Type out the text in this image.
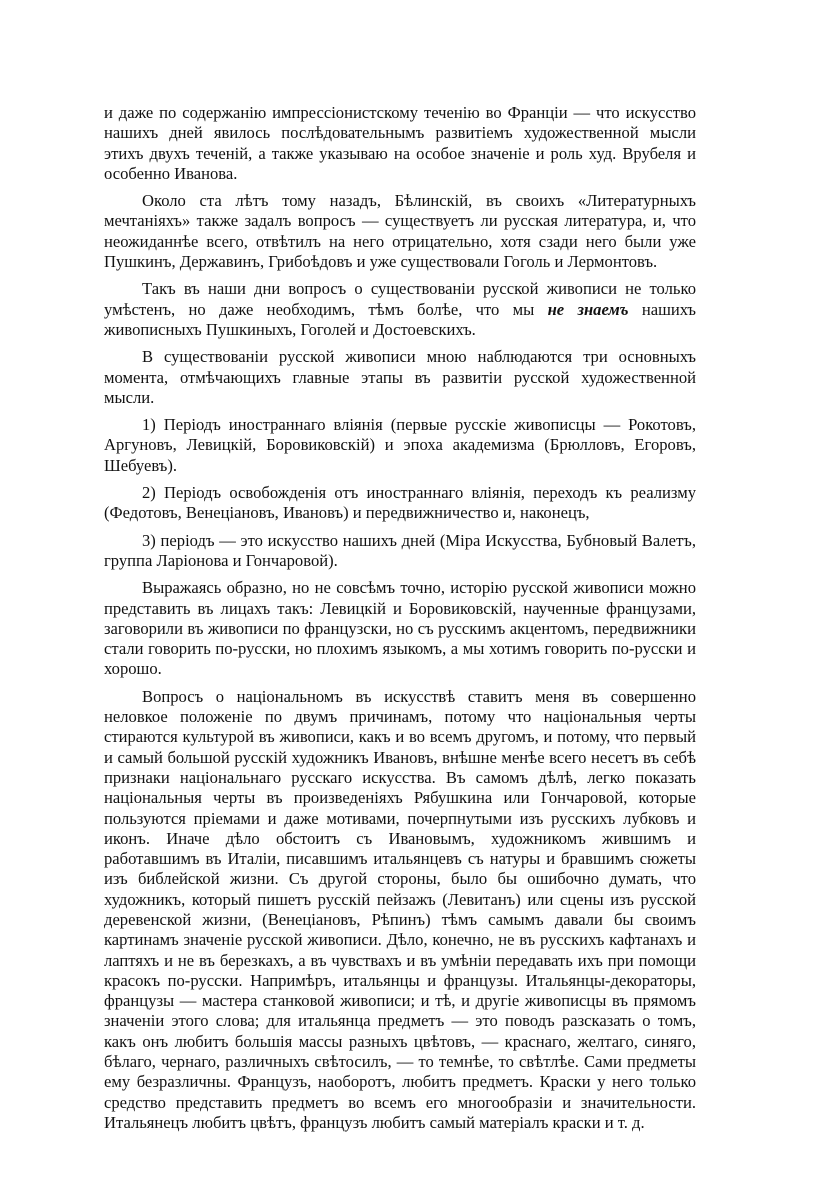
и даже по содержанію импрессіонистскому теченію во Франціи — что искусство нашихъ дней явилось послѣдовательнымъ развитіемъ художественной мысли этихъ двухъ теченій, а также указываю на особое значеніе и роль худ. Врубеля и особенно Иванова.

Около ста лѣтъ тому назадъ, Бѣлинскій, въ своихъ «Литературныхъ мечтаніяхъ» также задалъ вопросъ — существуетъ ли русская литература, и, что неожиданнѣе всего, отвѣтилъ на него отрицательно, хотя сзади него были уже Пушкинъ, Державинъ, Грибоѣдовъ и уже существовали Гоголь и Лермонтовъ.

Такъ въ наши дни вопросъ о существованіи русской живописи не только умѣстенъ, но даже необходимъ, тѣмъ болѣе, что мы не знаемъ нашихъ живописныхъ Пушкиныхъ, Гоголей и Достоевскихъ.

В существованіи русской живописи мною наблюдаются три основныхъ момента, отмѣчающихъ главные этапы въ развитіи русской художественной мысли.

1) Періодъ иностраннаго вліянія (первые русскіе живописцы — Рокотовъ, Аргуновъ, Левицкій, Боровиковскій) и эпоха академизма (Брюлловъ, Егоровъ, Шебуевъ).

2) Періодъ освобожденія отъ иностраннаго вліянія, переходъ къ реализму (Федотовъ, Венеціановъ, Ивановъ) и передвижничество и, наконецъ,

3) періодъ — это искусство нашихъ дней (Міра Искусства, Бубновый Валетъ, группа Ларіонова и Гончаровой).

Выражаясь образно, но не совсѣмъ точно, исторію русской живописи можно представить въ лицахъ такъ: Левицкій и Боровиковскій, наученные французами, заговорили въ живописи по французски, но съ русскимъ акцентомъ, передвижники стали говорить по-русски, но плохимъ языкомъ, а мы хотимъ говорить по-русски и хорошо.

Вопросъ о національномъ въ искусствѣ ставитъ меня въ совершенно неловкое положеніе по двумъ причинамъ, потому что національныя черты стираются культурой въ живописи, какъ и во всемъ другомъ, и потому, что первый и самый большой русскій художникъ Ивановъ, внѣшне менѣе всего несетъ въ себѣ признаки національнаго русскаго искусства. Въ самомъ дѣлѣ, легко показать національныя черты въ произведеніяхъ Рябушкина или Гончаровой, которые пользуются пріемами и даже мотивами, почерпнутыми изъ русскихъ лубковъ и иконъ. Иначе дѣло обстоитъ съ Ивановымъ, художникомъ жившимъ и работавшимъ въ Италіи, писавшимъ итальянцевъ съ натуры и бравшимъ сюжеты изъ библейской жизни. Съ другой стороны, было бы ошибочно думать, что художникъ, который пишетъ русскій пейзажъ (Левитанъ) или сцены изъ русской деревенской жизни, (Венеціановъ, Рѣпинъ) тѣмъ самымъ давали бы своимъ картинамъ значеніе русской живописи. Дѣло, конечно, не въ русскихъ кафтанахъ и лаптяхъ и не въ березкахъ, а въ чувствахъ и въ умѣніи передавать ихъ при помощи красокъ по-русски. Напримѣръ, итальянцы и французы. Итальянцы-декораторы, французы — мастера станковой живописи; и тѣ, и другіе живописцы въ прямомъ значеніи этого слова; для итальянца предметъ — это поводъ разсказать о томъ, какъ онъ любитъ большія массы разныхъ цвѣтовъ, — краснаго, желтаго, синяго, бѣлаго, чернаго, различныхъ свѣтосилъ, — то темнѣе, то свѣтлѣе. Сами предметы ему безразличны. Французъ, наоборотъ, любитъ предметъ. Краски у него только средство представить предметъ во всемъ его многообразіи и значительности. Итальянецъ любитъ цвѣтъ, французъ любитъ самый матеріалъ краски и т. д.
